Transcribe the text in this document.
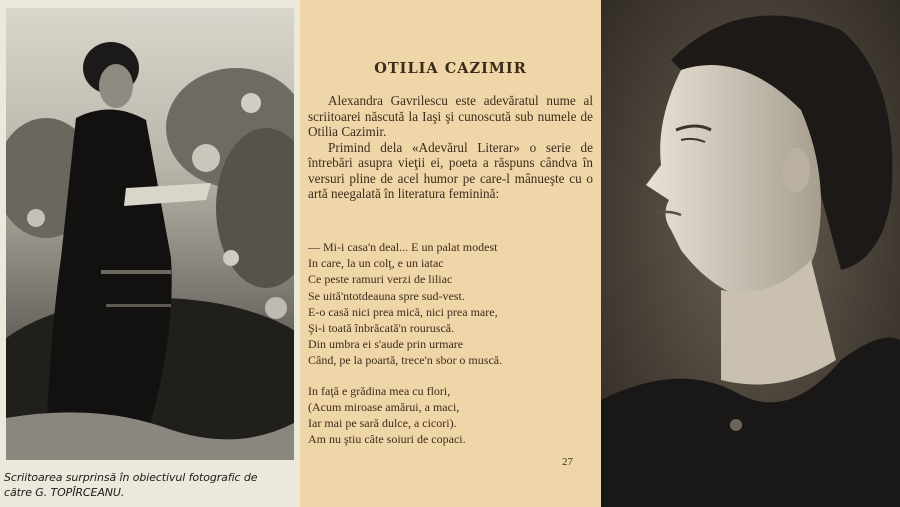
Scriitoarea surprinsă în obiectivul fotografic de
către G. TOPÎRCEANU.
OTILIA CAZIMIR

Alexandra Gavrilescu este adevăratul nume al scriitoarei născută la Iaşi şi cunoscută sub numele de Otilia Cazimir.

Primind dela «Adevărul Literar» o serie de întrebări asupra vieţii ei, poeta a răspuns cândva în versuri pline de acel humor pe care-l mânueşte cu o artă neegalată în literatura feminină:

— Mi-i casa'n deal... E un palat modest
In care, la un colţ, e un iatac
Ce peste ramuri verzi de liliac
Se uită'ntotdeauna spre sud-vest.
E-o casă nici prea mică, nici prea mare,
Şi-i toată înbrăcată'n rouruscă.
Din umbra ei s'aude prin urmare
Când, pe la poartă, trece'n sbor o muscă.
In faţă e grădina mea cu flori,
(Acum miroase amărui, a maci,
Iar mai pe sară dulce, a cicori).
Am nu ştiu câte soiuri de copaci.
27
